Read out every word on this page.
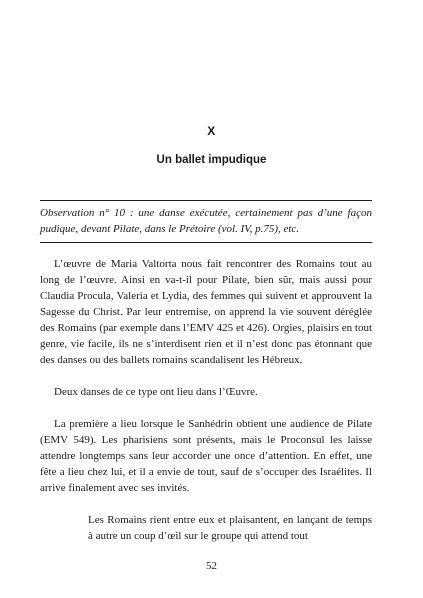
X
Un ballet impudique
Observation n° 10 : une danse exécutée, certainement pas d’une façon pudique, devant Pilate, dans le Prétoire (vol. IV, p.75), etc.

L’œuvre de Maria Valtorta nous fait rencontrer des Romains tout au long de l’œuvre. Ainsi en va-t-il pour Pilate, bien sûr, mais aussi pour Claudia Procula, Valeria et Lydia, des femmes qui suivent et approuvent la Sagesse du Christ. Par leur entremise, on apprend la vie souvent déréglée des Romains (par exemple dans l’EMV 425 et 426). Orgies, plaisirs en tout genre, vie facile, ils ne s’interdisent rien et il n’est donc pas étonnant que des danses ou des ballets romains scandalisent les Hébreux.

Deux danses de ce type ont lieu dans l’Œuvre.

La première a lieu lorsque le Sanhédrin obtient une audience de Pilate (EMV 549). Les pharisiens sont présents, mais le Proconsul les laisse attendre longtemps sans leur accorder une once d’attention. En effet, une fête a lieu chez lui, et il a envie de tout, sauf de s’occuper des Israélites. Il arrive finalement avec ses invités.

Les Romains rient entre eux et plaisantent, en lançant de temps à autre un coup d’œil sur le groupe qui attend tout

52
